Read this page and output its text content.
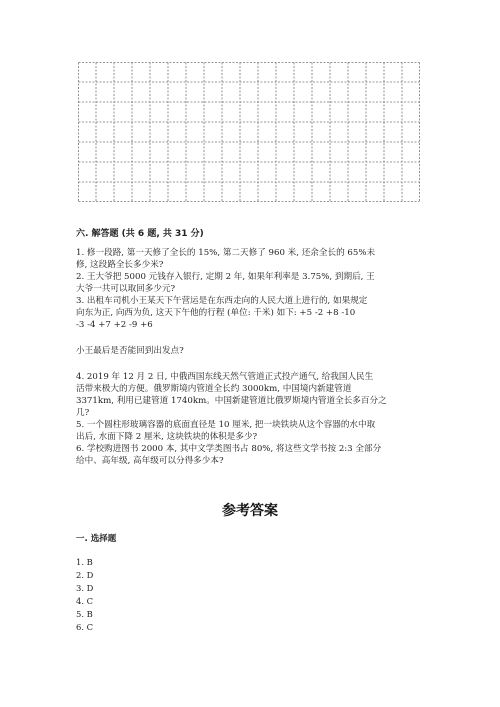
六. 解答题 (共 6 题, 共 31 分)
1. 修一段路, 第一天修了全长的 15%, 第二天修了 960 米, 还余全长的 65%未
修, 这段路全长多少米?
2. 王大爷把 5000 元钱存入银行, 定期 2 年, 如果年利率是 3.75%, 到期后, 王
大爷一共可以取回多少元?
3. 出租车司机小王某天下午营运是在东西走向的人民大道上进行的, 如果规定
向东为正, 向西为负, 这天下午他的行程 (单位: 千米) 如下: +5 -2 +8 -10
-3 -4 +7 +2 -9 +6
小王最后是否能回到出发点?
4. 2019 年 12 月 2 日, 中俄西国东线天然气管道正式投产通气, 给我国人民生
活带来极大的方便。俄罗斯境内管道全长约 3000km, 中国境内新建管道
3371km, 利用已建管道 1740km。中国新建管道比俄罗斯境内管道全长多百分之
几?
5. 一个圆柱形玻璃容器的底面直径是 10 厘米, 把一块铁块从这个容器的水中取
出后, 水面下降 2 厘米, 这块铁块的体积是多少?
6. 学校购进图书 2000 本, 其中文学类图书占 80%, 将这些文学书按 2:3 全部分
给中、高年级, 高年级可以分得多少本?
参考答案
一. 选择题
1. B
2. D
3. D
4. C
5. B
6. C
